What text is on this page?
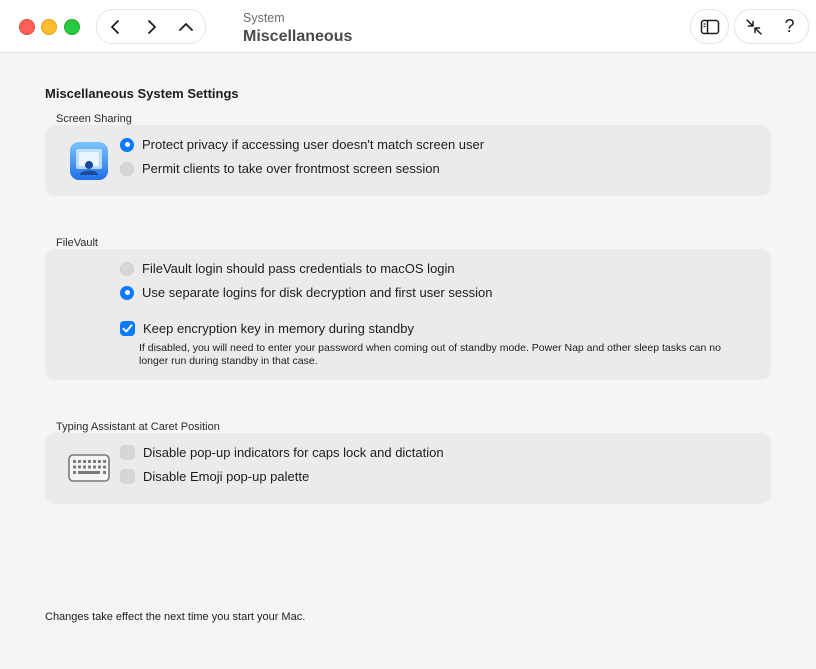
System
Miscellaneous
?
Miscellaneous System Settings
Screen Sharing
Protect privacy if accessing user doesn't match screen user
Permit clients to take over frontmost screen session
FileVault
FileVault login should pass credentials to macOS login
Use separate logins for disk decryption and first user session
Keep encryption key in memory during standby
If disabled, you will need to enter your password when coming out of standby mode. Power Nap and other sleep tasks can no longer run during standby in that case.
Typing Assistant at Caret Position
Disable pop-up indicators for caps lock and dictation
Disable Emoji pop-up palette
Changes take effect the next time you start your Mac.
